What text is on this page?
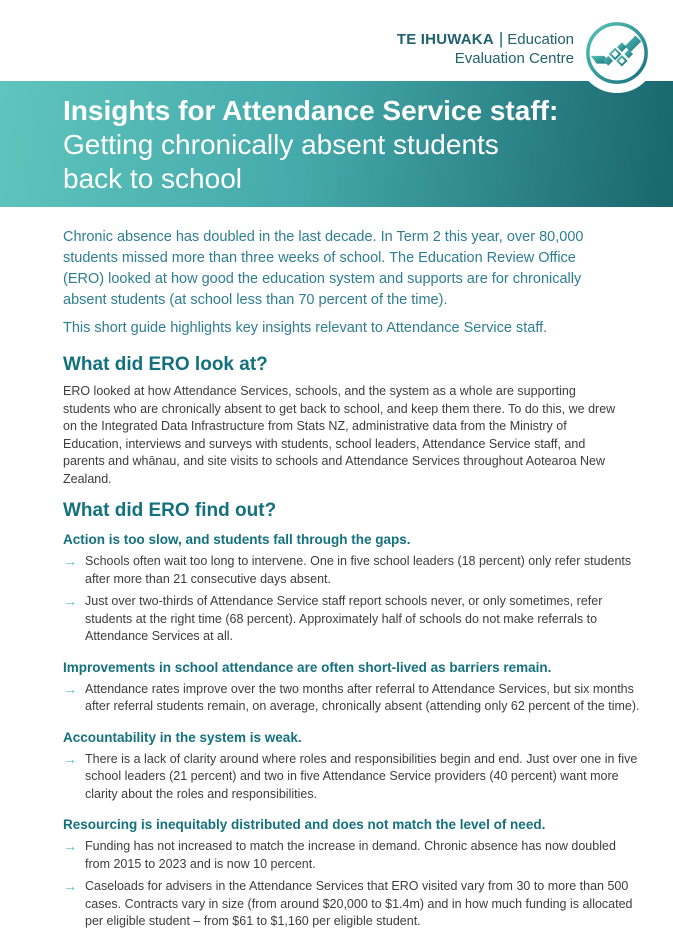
TE IHUWAKA | Education
Evaluation Centre
Insights for Attendance Service staff:
Getting chronically absent students
back to school

Chronic absence has doubled in the last decade. In Term 2 this year, over 80,000 students missed more than three weeks of school. The Education Review Office (ERO) looked at how good the education system and supports are for chronically absent students (at school less than 70 percent of the time).

This short guide highlights key insights relevant to Attendance Service staff.

What did ERO look at?

ERO looked at how Attendance Services, schools, and the system as a whole are supporting students who are chronically absent to get back to school, and keep them there. To do this, we drew on the Integrated Data Infrastructure from Stats NZ, administrative data from the Ministry of Education, interviews and surveys with students, school leaders, Attendance Service staff, and parents and whānau, and site visits to schools and Attendance Services throughout Aotearoa New Zealand.

What did ERO find out?
Action is too slow, and students fall through the gaps.
→ Schools often wait too long to intervene. One in five school leaders (18 percent) only refer students after more than 21 consecutive days absent.

→ Just over two-thirds of Attendance Service staff report schools never, or only sometimes, refer students at the right time (68 percent). Approximately half of schools do not make referrals to Attendance Services at all.

Improvements in school attendance are often short-lived as barriers remain.
→ Attendance rates improve over the two months after referral to Attendance Services, but six months after referral students remain, on average, chronically absent (attending only 62 percent of the time).

Accountability in the system is weak.
→ There is a lack of clarity around where roles and responsibilities begin and end. Just over one in five school leaders (21 percent) and two in five Attendance Service providers (40 percent) want more clarity about the roles and responsibilities.

Resourcing is inequitably distributed and does not match the level of need.
→ Funding has not increased to match the increase in demand. Chronic absence has now doubled from 2015 to 2023 and is now 10 percent.

→ Caseloads for advisers in the Attendance Services that ERO visited vary from 30 to more than 500 cases. Contracts vary in size (from around $20,000 to $1.4m) and in how much funding is allocated per eligible student – from $61 to $1,160 per eligible student.
